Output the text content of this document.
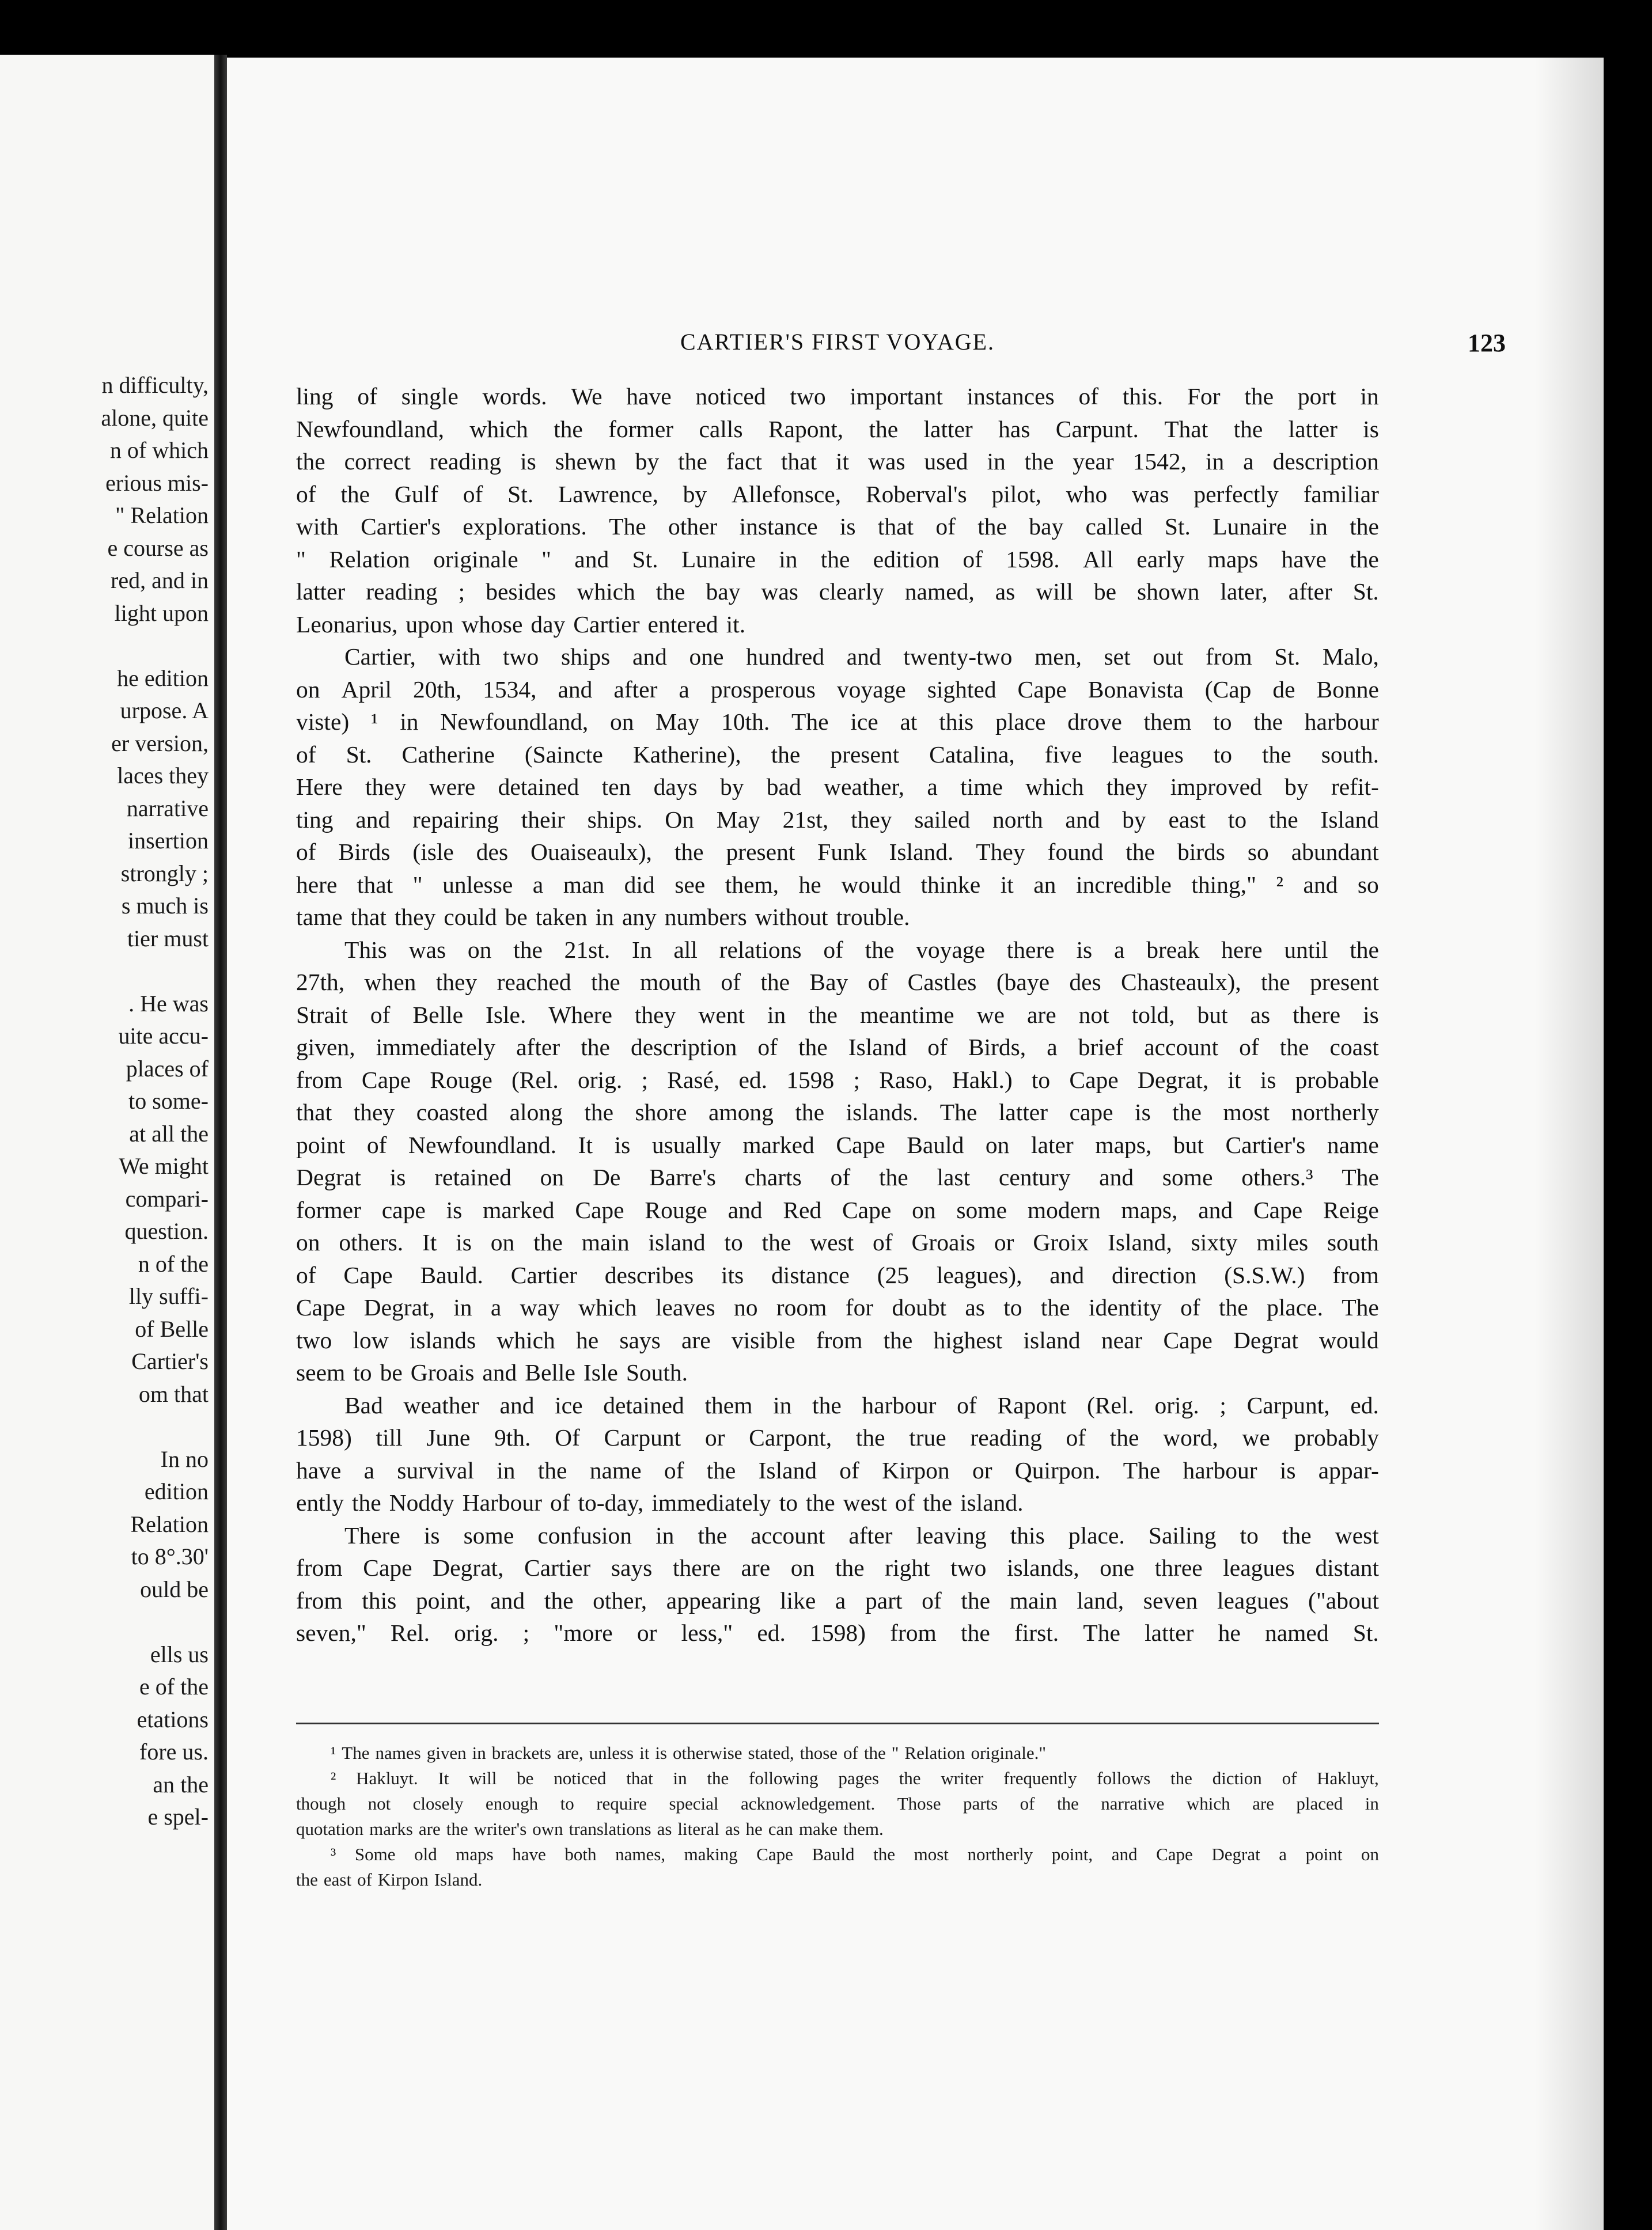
n difficulty,
alone, quite
n of which
erious mis-
" Relation
e course as
red, and in
light upon
he edition
urpose. A
er version,
laces they
narrative
insertion
strongly ;
s much is
tier must
. He was
uite accu-
places of
to some-
at all the
We might
compari-
question.
n of the
lly suffi-
of Belle
Cartier's
om that
In no
edition
Relation
to 8°.30'
ould be
ells us
e of the
etations
fore us.
an the
e spel-
CARTIER'S FIRST VOYAGE.	123
ling of single words. We have noticed two important instances of this. For the port in
Newfoundland, which the former calls Rapont, the latter has Carpunt. That the latter is
the correct reading is shewn by the fact that it was used in the year 1542, in a description
of the Gulf of St. Lawrence, by Allefonsce, Roberval's pilot, who was perfectly familiar
with Cartier's explorations. The other instance is that of the bay called St. Lunaire in the
" Relation originale " and St. Lunaire in the edition of 1598. All early maps have the
latter reading ; besides which the bay was clearly named, as will be shown later, after St.
Leonarius, upon whose day Cartier entered it.
Cartier, with two ships and one hundred and twenty-two men, set out from St. Malo,
on April 20th, 1534, and after a prosperous voyage sighted Cape Bonavista (Cap de Bonne
viste) ¹ in Newfoundland, on May 10th. The ice at this place drove them to the harbour
of St. Catherine (Saincte Katherine), the present Catalina, five leagues to the south.
Here they were detained ten days by bad weather, a time which they improved by refit-
ting and repairing their ships. On May 21st, they sailed north and by east to the Island
of Birds (isle des Ouaiseaulx), the present Funk Island. They found the birds so abundant
here that " unlesse a man did see them, he would thinke it an incredible thing," ² and so
tame that they could be taken in any numbers without trouble.
This was on the 21st. In all relations of the voyage there is a break here until the
27th, when they reached the mouth of the Bay of Castles (baye des Chasteaulx), the present
Strait of Belle Isle. Where they went in the meantime we are not told, but as there is
given, immediately after the description of the Island of Birds, a brief account of the coast
from Cape Rouge (Rel. orig. ; Rasé, ed. 1598 ; Raso, Hakl.) to Cape Degrat, it is probable
that they coasted along the shore among the islands. The latter cape is the most northerly
point of Newfoundland. It is usually marked Cape Bauld on later maps, but Cartier's name
Degrat is retained on De Barre's charts of the last century and some others.³ The
former cape is marked Cape Rouge and Red Cape on some modern maps, and Cape Reige
on others. It is on the main island to the west of Groais or Groix Island, sixty miles south
of Cape Bauld. Cartier describes its distance (25 leagues), and direction (S.S.W.) from
Cape Degrat, in a way which leaves no room for doubt as to the identity of the place. The
two low islands which he says are visible from the highest island near Cape Degrat would
seem to be Groais and Belle Isle South.
Bad weather and ice detained them in the harbour of Rapont (Rel. orig. ; Carpunt, ed.
1598) till June 9th. Of Carpunt or Carpont, the true reading of the word, we probably
have a survival in the name of the Island of Kirpon or Quirpon. The harbour is appar-
ently the Noddy Harbour of to-day, immediately to the west of the island.
There is some confusion in the account after leaving this place. Sailing to the west
from Cape Degrat, Cartier says there are on the right two islands, one three leagues distant
from this point, and the other, appearing like a part of the main land, seven leagues ("about
seven," Rel. orig. ; "more or less," ed. 1598) from the first. The latter he named St.
¹ The names given in brackets are, unless it is otherwise stated, those of the " Relation originale."
² Hakluyt. It will be noticed that in the following pages the writer frequently follows the diction of Hakluyt,
though not closely enough to require special acknowledgement. Those parts of the narrative which are placed in
quotation marks are the writer's own translations as literal as he can make them.
³ Some old maps have both names, making Cape Bauld the most northerly point, and Cape Degrat a point on
the east of Kirpon Island.
